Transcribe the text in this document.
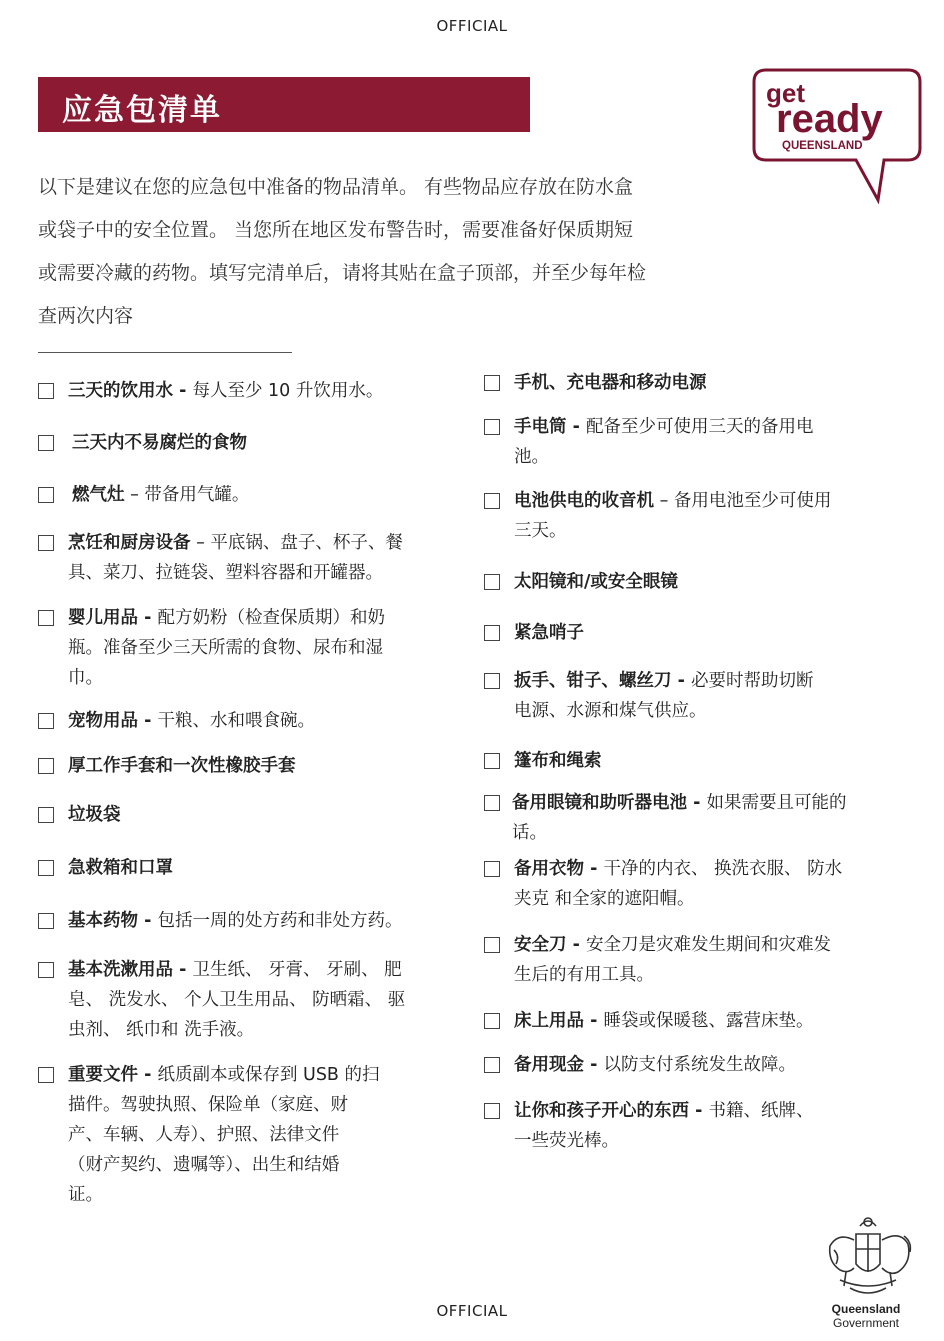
OFFICIAL
应急包清单	get
ready
QUEENSLAND
以下是建议在您的应急包中准备的物品清单。 有些物品应存放在防水盒
或袋子中的安全位置。 当您所在地区发布警告时，需要准备好保质期短
或需要冷藏的药物。填写完清单后，请将其贴在盒子顶部，并至少每年检
查两次内容
三天的饮用水 - 每人至少 10 升饮用水。
三天内不易腐烂的食物
燃气灶 – 带备用气罐。
烹饪和厨房设备 – 平底锅、盘子、杯子、餐
具、菜刀、拉链袋、塑料容器和开罐器。
婴儿用品 - 配方奶粉（检查保质期）和奶
瓶。准备至少三天所需的食物、尿布和湿
巾。
宠物用品 - 干粮、水和喂食碗。
厚工作手套和一次性橡胶手套
垃圾袋
急救箱和口罩
基本药物 - 包括一周的处方药和非处方药。
基本洗漱用品 - 卫生纸、 牙膏、 牙刷、 肥
皂、 洗发水、 个人卫生用品、 防晒霜、 驱
虫剂、 纸巾和 洗手液。
重要文件 - 纸质副本或保存到 USB 的扫
描件。驾驶执照、保险单（家庭、财
产、车辆、人寿）、护照、法律文件
（财产契约、遗嘱等）、出生和结婚
证。
手机、充电器和移动电源
手电筒 - 配备至少可使用三天的备用电
池。
电池供电的收音机 – 备用电池至少可使用
三天。
太阳镜和/或安全眼镜
紧急哨子
扳手、钳子、螺丝刀 - 必要时帮助切断
电源、水源和煤气供应。
篷布和绳索
备用眼镜和助听器电池 - 如果需要且可能的
话。
备用衣物 - 干净的内衣、 换洗衣服、 防水
夹克 和全家的遮阳帽。
安全刀 - 安全刀是灾难发生期间和灾难发
生后的有用工具。
床上用品 - 睡袋或保暖毯、露营床垫。
备用现金 - 以防支付系统发生故障。
让你和孩子开心的东西 - 书籍、纸牌、
一些荧光棒。
Queensland
Government
OFFICIAL
